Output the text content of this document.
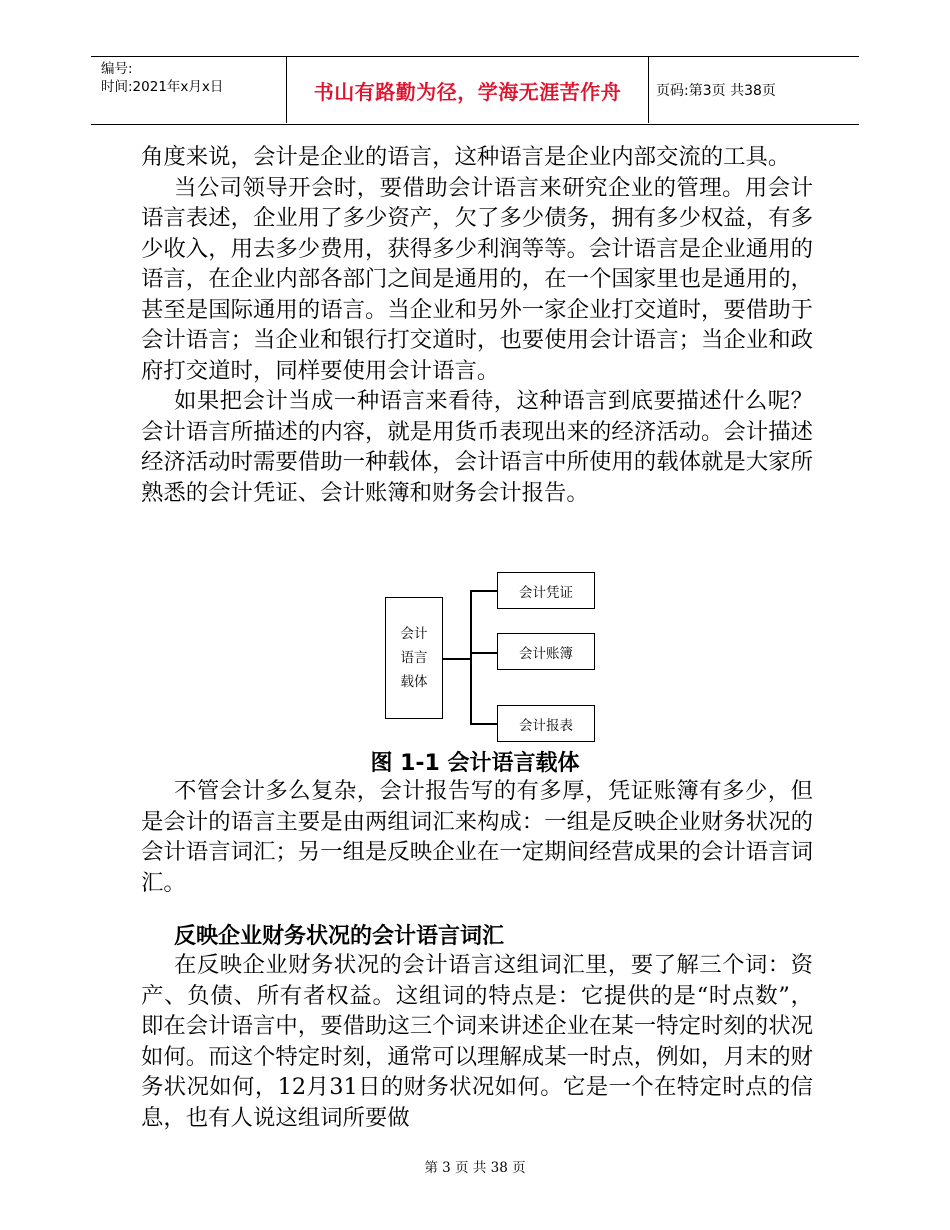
编号:
时间:2021年x月x日	书山有路勤为径，学海无涯苦作舟	页码:第3页 共38页

角度来说，会计是企业的语言，这种语言是企业内部交流的工具。

当公司领导开会时，要借助会计语言来研究企业的管理。用会计语言表述，企业用了多少资产，欠了多少债务，拥有多少权益，有多少收入，用去多少费用，获得多少利润等等。会计语言是企业通用的语言，在企业内部各部门之间是通用的，在一个国家里也是通用的，甚至是国际通用的语言。当企业和另外一家企业打交道时，要借助于会计语言；当企业和银行打交道时，也要使用会计语言；当企业和政府打交道时，同样要使用会计语言。

如果把会计当成一种语言来看待，这种语言到底要描述什么呢？会计语言所描述的内容，就是用货币表现出来的经济活动。会计描述经济活动时需要借助一种载体，会计语言中所使用的载体就是大家所熟悉的会计凭证、会计账簿和财务会计报告。

会计
语言
载体
会计凭证
会计账簿
会计报表
图 1-1 会计语言载体

不管会计多么复杂，会计报告写的有多厚，凭证账簿有多少，但是会计的语言主要是由两组词汇来构成：一组是反映企业财务状况的会计语言词汇；另一组是反映企业在一定期间经营成果的会计语言词汇。

反映企业财务状况的会计语言词汇

在反映企业财务状况的会计语言这组词汇里，要了解三个词：资产、负债、所有者权益。这组词的特点是：它提供的是“时点数”，即在会计语言中，要借助这三个词来讲述企业在某一特定时刻的状况如何。而这个特定时刻，通常可以理解成某一时点，例如，月末的财务状况如何，12月31日的财务状况如何。它是一个在特定时点的信息，也有人说这组词所要做

第 3 页 共 38 页
